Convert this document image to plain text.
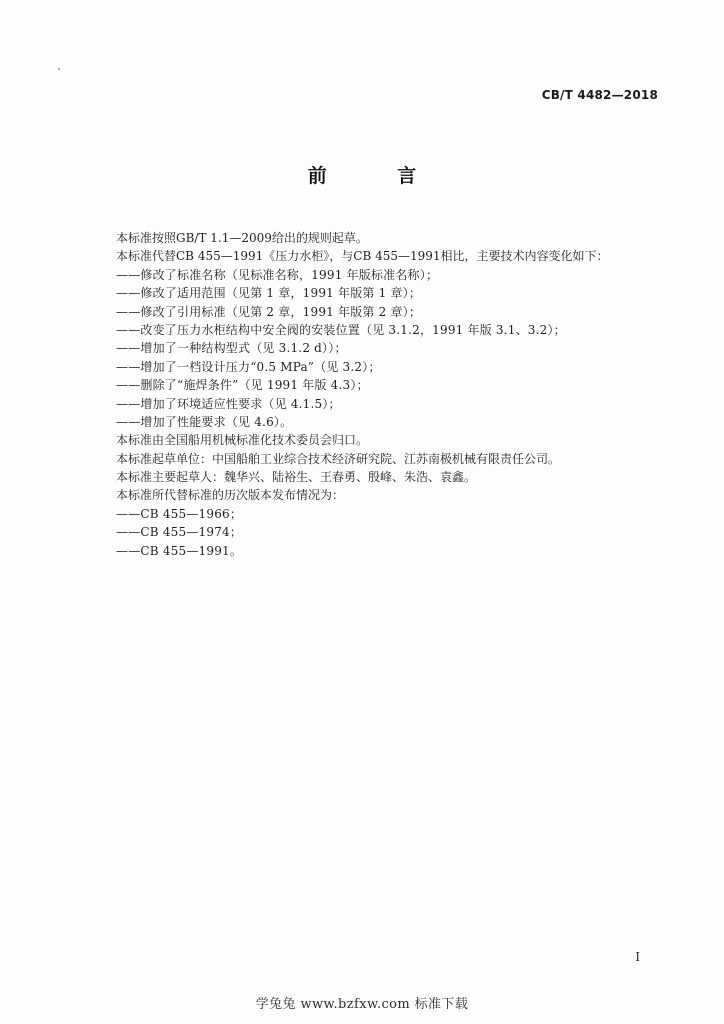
CB/T 4482—2018
前 言
本标准按照GB/T 1.1—2009给出的规则起草。
本标准代替CB 455—1991《压力水柜》，与CB 455—1991相比，主要技术内容变化如下：
——修改了标准名称（见标准名称，1991 年版标准名称）；
——修改了适用范围（见第 1 章，1991 年版第 1 章）；
——修改了引用标准（见第 2 章，1991 年版第 2 章）；
——改变了压力水柜结构中安全阀的安装位置（见 3.1.2，1991 年版 3.1、3.2）；
——增加了一种结构型式（见 3.1.2 d））；
——增加了一档设计压力“0.5 MPa”（见 3.2）；
——删除了“施焊条件”（见 1991 年版 4.3）；
——增加了环境适应性要求（见 4.1.5）；
——增加了性能要求（见 4.6）。
本标准由全国船用机械标准化技术委员会归口。
本标准起草单位：中国船舶工业综合技术经济研究院、江苏南极机械有限责任公司。
本标准主要起草人：魏华兴、陆裕生、王春勇、殷峰、朱浩、袁鑫。
本标准所代替标准的历次版本发布情况为：
——CB 455—1966；
——CB 455—1974；
——CB 455—1991。
I
学兔兔 www.bzfxw.com 标准下载
